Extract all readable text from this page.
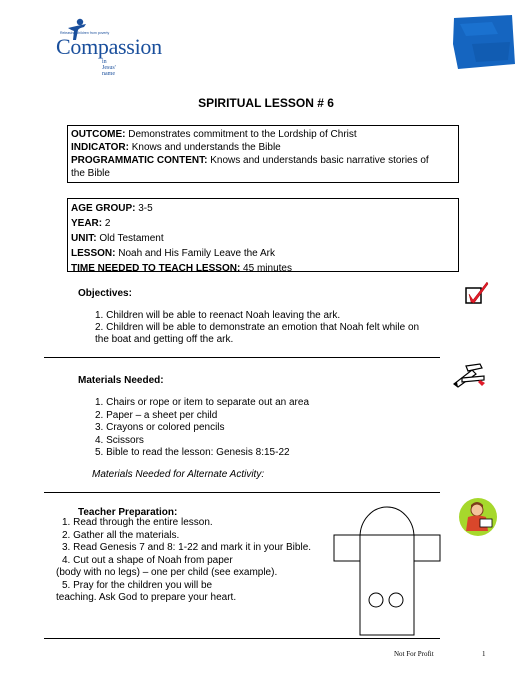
Releasing children from poverty
Compassion
in Jesus' name
SPIRITUAL LESSON # 6
OUTCOME: Demonstrates commitment to the Lordship of Christ
INDICATOR: Knows and understands the Bible
PROGRAMMATIC CONTENT: Knows and understands basic narrative stories of
the Bible
AGE GROUP: 3-5
YEAR: 2
UNIT: Old Testament
LESSON: Noah and His Family Leave the Ark
TIME NEEDED TO TEACH LESSON: 45 minutes
Objectives:
1. Children will be able to reenact Noah leaving the ark.
2. Children will be able to demonstrate an emotion that Noah felt while on
the boat and getting off the ark.
Materials Needed:
1. Chairs or rope or item to separate out an area
2. Paper – a sheet per child
3. Crayons or colored pencils
4. Scissors
5. Bible to read the lesson: Genesis 8:15-22
Materials Needed for Alternate Activity:
Teacher Preparation:
1. Read through the entire lesson.
2. Gather all the materials.
3. Read Genesis 7 and 8: 1-22 and mark it in your Bible.
4. Cut out a shape of Noah from paper
(body with no legs) – one per child (see example).
5. Pray for the children you will be
teaching. Ask God to prepare your heart.
Not For Profit	1
